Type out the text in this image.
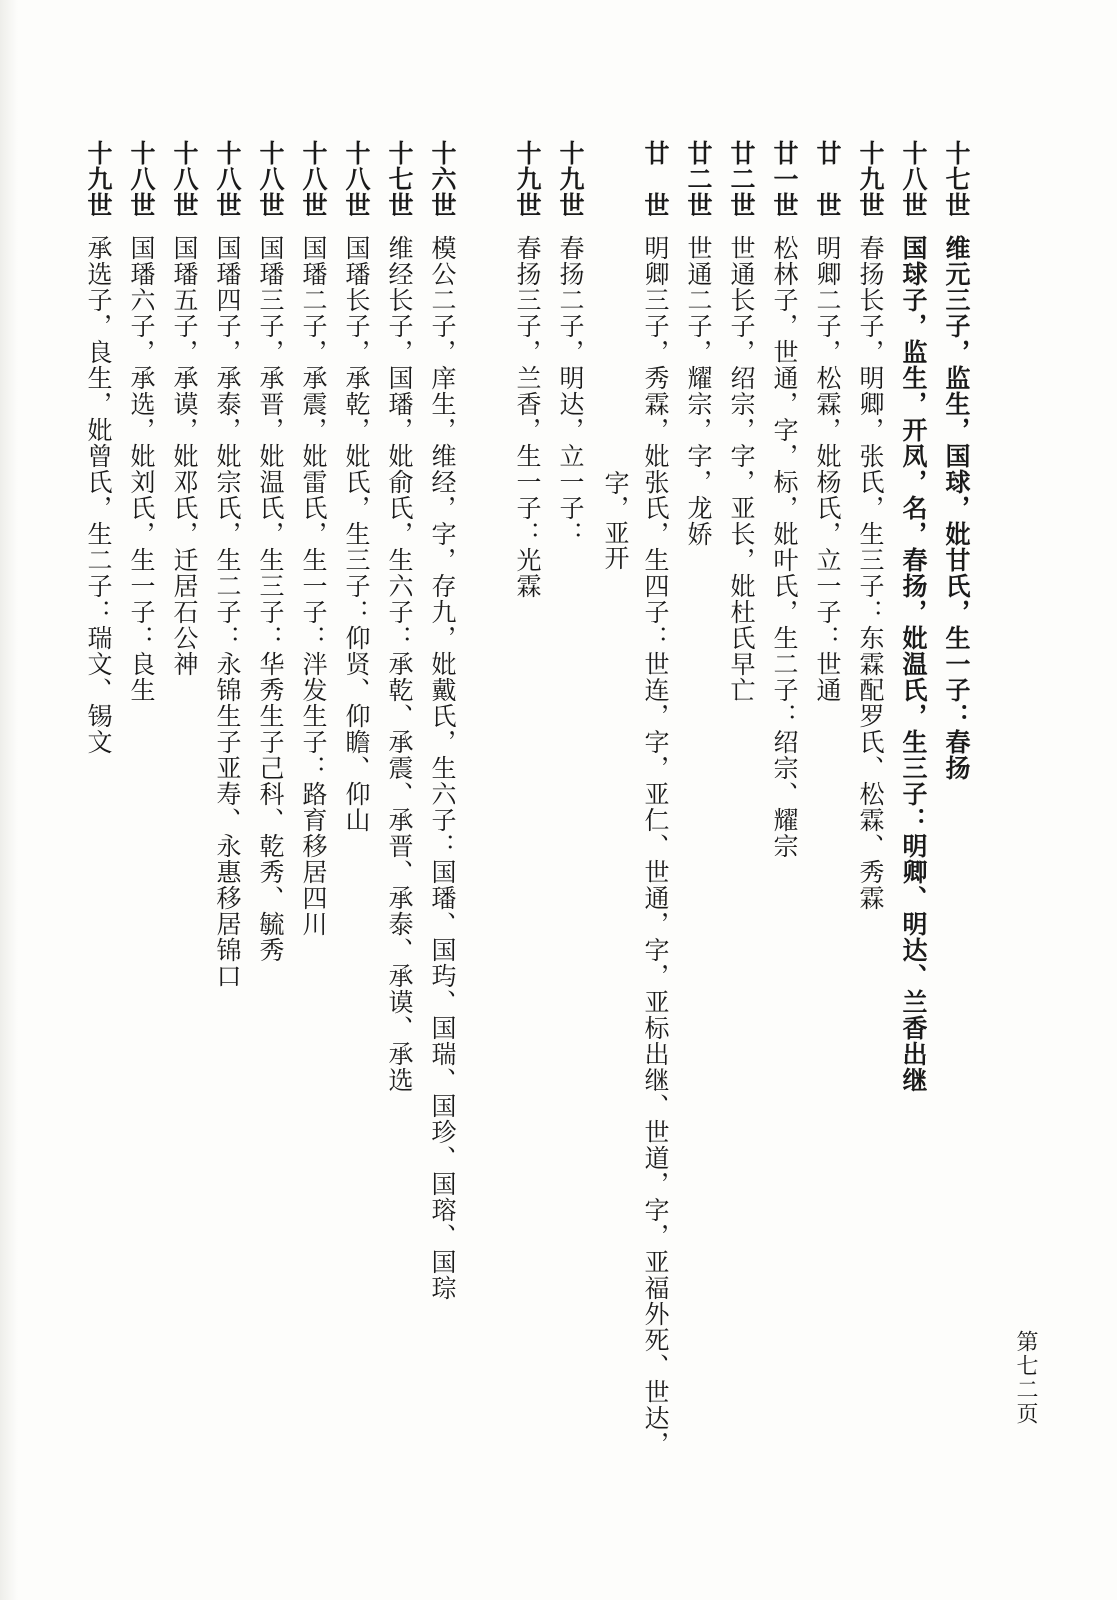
十七世维元三子，监生，国球，妣甘氏，生一子：春扬
十八世国球子，监生，开凤，名，春扬，妣温氏，生三子：明卿、明达、兰香出继
十九世春扬长子，明卿，张氏，生三子：东霖配罗氏、松霖、秀霖
廿　世明卿二子，松霖，妣杨氏，立一子：世通
廿一世松林子，世通，字，标，妣叶氏，生二子：绍宗、耀宗
廿二世世通长子，绍宗，字，亚长，妣杜氏早亡
廿二世世通二子，耀宗，字，龙娇
廿　世明卿三子，秀霖，妣张氏，生四子：世连，字，亚仁、世通，字，亚标出继、世道，字，亚福外死、世达，
字，亚开
十九世春扬二子，明达，立一子：
十九世春扬三子，兰香，生一子：光霖
十六世模公二子，庠生，维经，字，存九，妣戴氏，生六子：国璠、国玙、国瑞、国珍、国瑢、国琮
十七世维经长子，国璠，妣俞氏，生六子：承乾、承震、承晋、承泰、承谟、承选
十八世国璠长子，承乾，妣氏，生三子：仰贤、仰瞻、仰山
十八世国璠二子，承震，妣雷氏，生一子：泮发生子：路育移居四川
十八世国璠三子，承晋，妣温氏，生三子：华秀生子己科、乾秀、毓秀
十八世国璠四子，承泰，妣宗氏，生二子：永锦生子亚寿、永惠移居锦口
十八世国璠五子，承谟，妣邓氏，迁居石公神
十八世国璠六子，承选，妣刘氏，生一子：良生
十九世承选子，良生，妣曾氏，生二子：瑞文、锡文
第七二页
